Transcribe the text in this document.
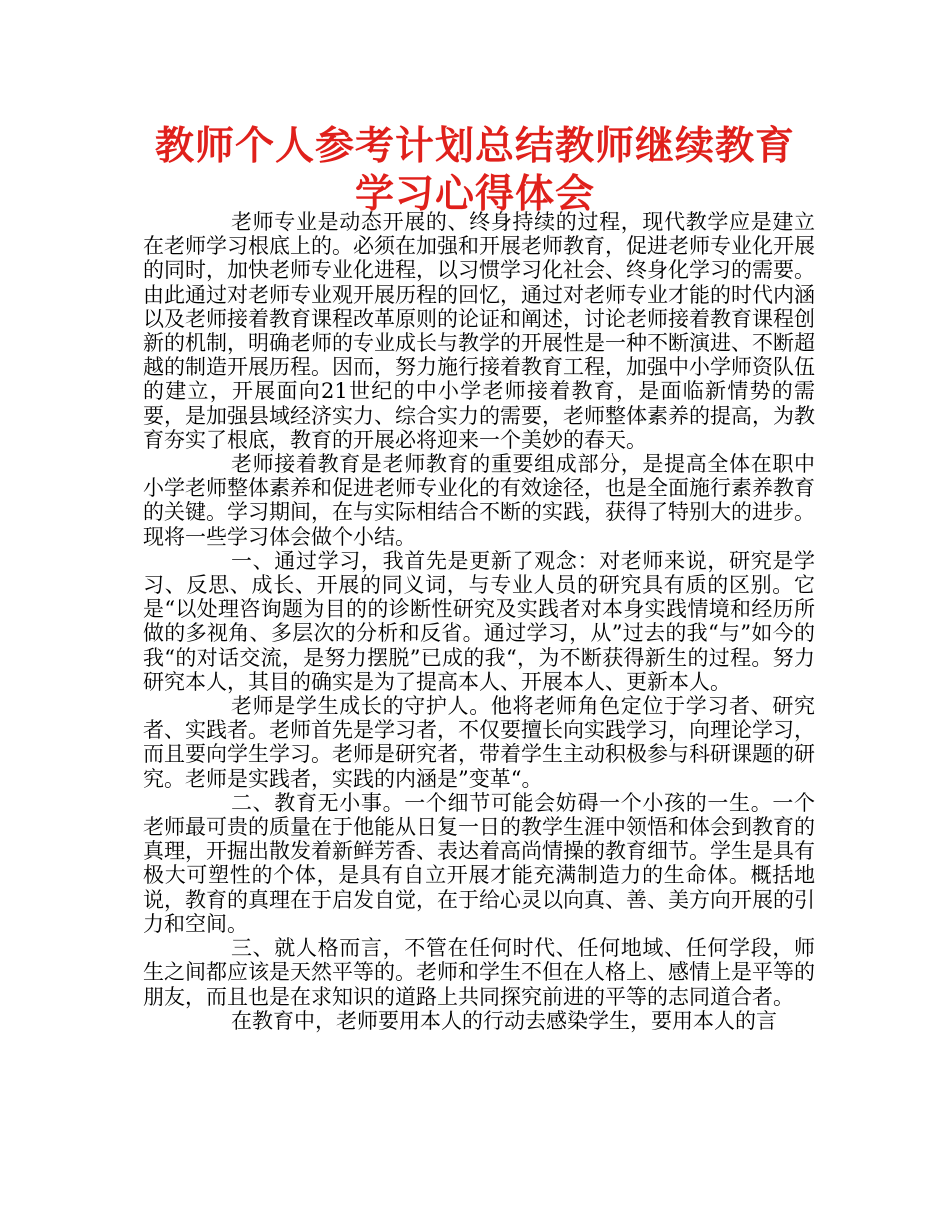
教师个人参考计划总结教师继续教育学习心得体会

老师专业是动态开展的、终身持续的过程，现代教学应是建立在老师学习根底上的。必须在加强和开展老师教育，促进老师专业化开展的同时，加快老师专业化进程，以习惯学习化社会、终身化学习的需要。由此通过对老师专业观开展历程的回忆，通过对老师专业才能的时代内涵以及老师接着教育课程改革原则的论证和阐述，讨论老师接着教育课程创新的机制，明确老师的专业成长与教学的开展性是一种不断演进、不断超越的制造开展历程。因而，努力施行接着教育工程，加强中小学师资队伍的建立，开展面向21世纪的中小学老师接着教育，是面临新情势的需要，是加强县域经济实力、综合实力的需要，老师整体素养的提高，为教育夯实了根底，教育的开展必将迎来一个美妙的春天。

老师接着教育是老师教育的重要组成部分，是提高全体在职中小学老师整体素养和促进老师专业化的有效途径，也是全面施行素养教育的关键。学习期间，在与实际相结合不断的实践，获得了特别大的进步。现将一些学习体会做个小结。

一、通过学习，我首先是更新了观念：对老师来说，研究是学习、反思、成长、开展的同义词，与专业人员的研究具有质的区别。它是“以处理咨询题为目的的诊断性研究及实践者对本身实践情境和经历所做的多视角、多层次的分析和反省。通过学习，从”过去的我“与”如今的我“的对话交流，是努力摆脱”已成的我“，为不断获得新生的过程。努力研究本人，其目的确实是为了提高本人、开展本人、更新本人。

老师是学生成长的守护人。他将老师角色定位于学习者、研究者、实践者。老师首先是学习者，不仅要擅长向实践学习，向理论学习，而且要向学生学习。老师是研究者，带着学生主动积极参与科研课题的研究。老师是实践者，实践的内涵是”变革“。

二、教育无小事。一个细节可能会妨碍一个小孩的一生。一个老师最可贵的质量在于他能从日复一日的教学生涯中领悟和体会到教育的真理，开掘出散发着新鲜芳香、表达着高尚情操的教育细节。学生是具有极大可塑性的个体，是具有自立开展才能充满制造力的生命体。概括地说，教育的真理在于启发自觉，在于给心灵以向真、善、美方向开展的引力和空间。

三、就人格而言，不管在任何时代、任何地域、任何学段，师生之间都应该是天然平等的。老师和学生不但在人格上、感情上是平等的朋友，而且也是在求知识的道路上共同探究前进的平等的志同道合者。

在教育中，老师要用本人的行动去感染学生，要用本人的言
